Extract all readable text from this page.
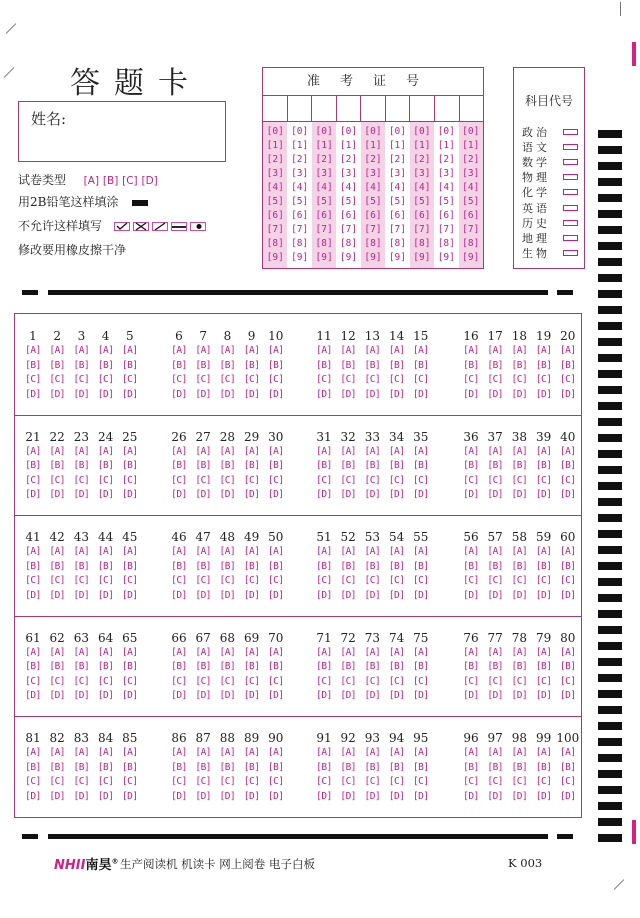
答题卡
姓名:
试卷类型 [A] [B] [C] [D]
用2B铅笔这样填涂
不允许这样填写
修改要用橡皮擦干净
准考证号
[0]
[1]
[2]
[3]
[4]
[5]
[6]
[7]
[8]
[9]
[0]
[1]
[2]
[3]
[4]
[5]
[6]
[7]
[8]
[9]
[0]
[1]
[2]
[3]
[4]
[5]
[6]
[7]
[8]
[9]
[0]
[1]
[2]
[3]
[4]
[5]
[6]
[7]
[8]
[9]
[0]
[1]
[2]
[3]
[4]
[5]
[6]
[7]
[8]
[9]
[0]
[1]
[2]
[3]
[4]
[5]
[6]
[7]
[8]
[9]
[0]
[1]
[2]
[3]
[4]
[5]
[6]
[7]
[8]
[9]
[0]
[1]
[2]
[3]
[4]
[5]
[6]
[7]
[8]
[9]
[0]
[1]
[2]
[3]
[4]
[5]
[6]
[7]
[8]
[9]
科目代号
政治
语文
数学
物理
化学
英语
历史
地理
生物
1
[A]
[B]
[C]
[D]
2
[A]
[B]
[C]
[D]
3
[A]
[B]
[C]
[D]
4
[A]
[B]
[C]
[D]
5
[A]
[B]
[C]
[D]
6
[A]
[B]
[C]
[D]
7
[A]
[B]
[C]
[D]
8
[A]
[B]
[C]
[D]
9
[A]
[B]
[C]
[D]
10
[A]
[B]
[C]
[D]
11
[A]
[B]
[C]
[D]
12
[A]
[B]
[C]
[D]
13
[A]
[B]
[C]
[D]
14
[A]
[B]
[C]
[D]
15
[A]
[B]
[C]
[D]
16
[A]
[B]
[C]
[D]
17
[A]
[B]
[C]
[D]
18
[A]
[B]
[C]
[D]
19
[A]
[B]
[C]
[D]
20
[A]
[B]
[C]
[D]
21
[A]
[B]
[C]
[D]
22
[A]
[B]
[C]
[D]
23
[A]
[B]
[C]
[D]
24
[A]
[B]
[C]
[D]
25
[A]
[B]
[C]
[D]
26
[A]
[B]
[C]
[D]
27
[A]
[B]
[C]
[D]
28
[A]
[B]
[C]
[D]
29
[A]
[B]
[C]
[D]
30
[A]
[B]
[C]
[D]
31
[A]
[B]
[C]
[D]
32
[A]
[B]
[C]
[D]
33
[A]
[B]
[C]
[D]
34
[A]
[B]
[C]
[D]
35
[A]
[B]
[C]
[D]
36
[A]
[B]
[C]
[D]
37
[A]
[B]
[C]
[D]
38
[A]
[B]
[C]
[D]
39
[A]
[B]
[C]
[D]
40
[A]
[B]
[C]
[D]
41
[A]
[B]
[C]
[D]
42
[A]
[B]
[C]
[D]
43
[A]
[B]
[C]
[D]
44
[A]
[B]
[C]
[D]
45
[A]
[B]
[C]
[D]
46
[A]
[B]
[C]
[D]
47
[A]
[B]
[C]
[D]
48
[A]
[B]
[C]
[D]
49
[A]
[B]
[C]
[D]
50
[A]
[B]
[C]
[D]
51
[A]
[B]
[C]
[D]
52
[A]
[B]
[C]
[D]
53
[A]
[B]
[C]
[D]
54
[A]
[B]
[C]
[D]
55
[A]
[B]
[C]
[D]
56
[A]
[B]
[C]
[D]
57
[A]
[B]
[C]
[D]
58
[A]
[B]
[C]
[D]
59
[A]
[B]
[C]
[D]
60
[A]
[B]
[C]
[D]
61
[A]
[B]
[C]
[D]
62
[A]
[B]
[C]
[D]
63
[A]
[B]
[C]
[D]
64
[A]
[B]
[C]
[D]
65
[A]
[B]
[C]
[D]
66
[A]
[B]
[C]
[D]
67
[A]
[B]
[C]
[D]
68
[A]
[B]
[C]
[D]
69
[A]
[B]
[C]
[D]
70
[A]
[B]
[C]
[D]
71
[A]
[B]
[C]
[D]
72
[A]
[B]
[C]
[D]
73
[A]
[B]
[C]
[D]
74
[A]
[B]
[C]
[D]
75
[A]
[B]
[C]
[D]
76
[A]
[B]
[C]
[D]
77
[A]
[B]
[C]
[D]
78
[A]
[B]
[C]
[D]
79
[A]
[B]
[C]
[D]
80
[A]
[B]
[C]
[D]
81
[A]
[B]
[C]
[D]
82
[A]
[B]
[C]
[D]
83
[A]
[B]
[C]
[D]
84
[A]
[B]
[C]
[D]
85
[A]
[B]
[C]
[D]
86
[A]
[B]
[C]
[D]
87
[A]
[B]
[C]
[D]
88
[A]
[B]
[C]
[D]
89
[A]
[B]
[C]
[D]
90
[A]
[B]
[C]
[D]
91
[A]
[B]
[C]
[D]
92
[A]
[B]
[C]
[D]
93
[A]
[B]
[C]
[D]
94
[A]
[B]
[C]
[D]
95
[A]
[B]
[C]
[D]
96
[A]
[B]
[C]
[D]
97
[A]
[B]
[C]
[D]
98
[A]
[B]
[C]
[D]
99
[A]
[B]
[C]
[D]
100
[A]
[B]
[C]
[D]
NHII南昊® 生产阅读机 机读卡 网上阅卷 电子白板	K 003
